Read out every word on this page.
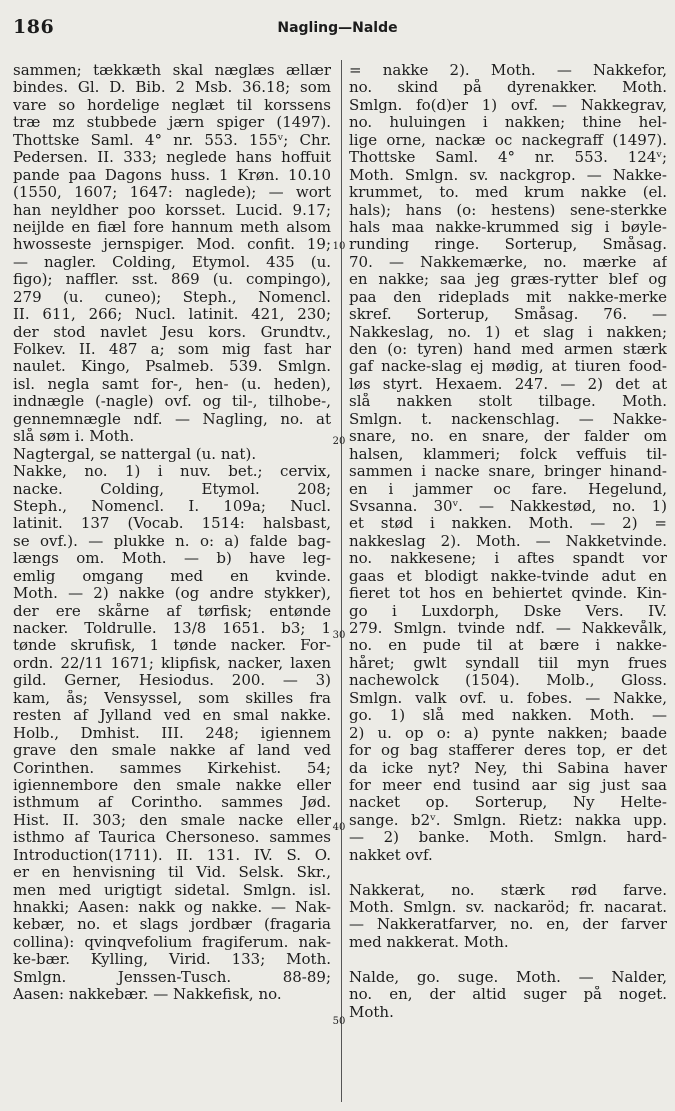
186	Nagling—Nalde
sammen; tækkæth skal næglæs ællær
bindes. Gl. D. Bib. 2 Msb. 36.18; som
vare so hordelige neglæt til korssens
træ mz stubbede jærn spiger (1497).
Thottske Saml. 4° nr. 553. 155ᵛ; Chr.
Pedersen. II. 333; neglede hans hoffuit
pande paa Dagons huss. 1 Krøn. 10.10
(1550, 1607; 1647: naglede); — wort
han neyldher poo korsset. Lucid. 9.17;
neijlde en fiæl fore hannum meth alsom
hwosseste jernspiger. Mod. confit. 19;
— nagler. Colding, Etymol. 435 (u.
figo); naffler. sst. 869 (u. compingo),
279 (u. cuneo); Steph., Nomencl.
II. 611, 266; Nucl. latinit. 421, 230;
der stod navlet Jesu kors. Grundtv.,
Folkev. II. 487 a; som mig fast har
naulet. Kingo, Psalmeb. 539. Smlgn.
isl. negla samt for-, hen- (u. heden),
indnægle (-nagle) ovf. og til-, tilhobe-,
gennemnægle ndf. — Nagling, no. at
slå søm i. Moth.
Nagtergal, se nattergal (u. nat).
Nakke, no. 1) i nuv. bet.; cervix,
nacke. Colding, Etymol. 208;
Steph., Nomencl. I. 109a; Nucl.
latinit. 137 (Vocab. 1514: halsbast,
se ovf.). — plukke n. o: a) falde bag-
længs om. Moth. — b) have leg-
emlig omgang med en kvinde.
Moth. — 2) nakke (og andre stykker),
der ere skårne af tørfisk; entønde
nacker. Toldrulle. 13/8 1651. b3; 1
tønde skrufisk, 1 tønde nacker. For-
ordn. 22/11 1671; klipfisk, nacker, laxen
gild. Gerner, Hesiodus. 200. — 3)
kam, ås; Vensyssel, som skilles fra
resten af Jylland ved en smal nakke.
Holb., Dmhist. III. 248; igiennem
grave den smale nakke af land ved
Corinthen. sammes Kirkehist. 54;
igiennembore den smale nakke eller
isthmum af Corintho. sammes Jød.
Hist. II. 303; den smale nacke eller
isthmo af Taurica Chersoneso. sammes
Introduction(1711). II. 131. IV. S. O.
er en henvisning til Vid. Selsk. Skr.,
men med urigtigt sidetal. Smlgn. isl.
hnakki; Aasen: nakk og nakke. — Nak-
kebær, no. et slags jordbær (fragaria
collina): qvinqvefolium fragiferum. nak-
ke-bær. Kylling, Virid. 133; Moth.
Smlgn. Jenssen-Tusch. 88-89;
Aasen: nakkebær. — Nakkefisk, no.
= nakke 2). Moth. — Nakkefor,
no. skind på dyrenakker. Moth.
Smlgn. fo(d)er 1) ovf. — Nakkegrav,
no. huluingen i nakken; thine hel-
lige orne, nackæ oc nackegraff (1497).
Thottske Saml. 4° nr. 553. 124ᵛ;
Moth. Smlgn. sv. nackgrop. — Nakke-
krummet, to. med krum nakke (el.
hals); hans (o: hestens) sene-sterkke
hals maa nakke-krummed sig i bøyle-
runding ringe. Sorterup, Småsag.
70. — Nakkemærke, no. mærke af
en nakke; saa jeg græs-rytter blef og
paa den rideplads mit nakke-merke
skref. Sorterup, Småsag. 76. —
Nakkeslag, no. 1) et slag i nakken;
den (o: tyren) hand med armen stærk
gaf nacke-slag ej mødig, at tiuren food-
løs styrt. Hexaem. 247. — 2) det at
slå nakken stolt tilbage. Moth.
Smlgn. t. nackenschlag. — Nakke-
snare, no. en snare, der falder om
halsen, klammeri; folck veffuis til-
sammen i nacke snare, bringer hinand-
en i jammer oc fare. Hegelund,
Svsanna. 30ᵛ. — Nakkestød, no. 1)
et stød i nakken. Moth. — 2) =
nakkeslag 2). Moth. — Nakketvinde.
no. nakkesene; i aftes spandt vor
gaas et blodigt nakke-tvinde adut en
fieret tot hos en behiertet qvinde. Kin-
go i Luxdorph, Dske Vers. IV.
279. Smlgn. tvinde ndf. — Nakkevålk,
no. en pude til at bære i nakke-
håret; gwlt syndall tiil myn frues
nachewolck (1504). Molb., Gloss.
Smlgn. valk ovf. u. fobes. — Nakke,
go. 1) slå med nakken. Moth. —
2) u. op o: a) pynte nakken; baade
for og bag stafferer deres top, er det
da icke nyt? Ney, thi Sabina haver
for meer end tusind aar sig just saa
nacket op. Sorterup, Ny Helte-
sange. b2ᵛ. Smlgn. Rietz: nakka upp.
— 2) banke. Moth. Smlgn. hard-
nakket ovf.
Nakkerat, no. stærk rød farve.
Moth. Smlgn. sv. nackaröd; fr. nacarat.
— Nakkeratfarver, no. en, der farver
med nakkerat. Moth.
Nalde, go. suge. Moth. — Nalder,
no. en, der altid suger på noget.
Moth.
10
20
30
40
50
